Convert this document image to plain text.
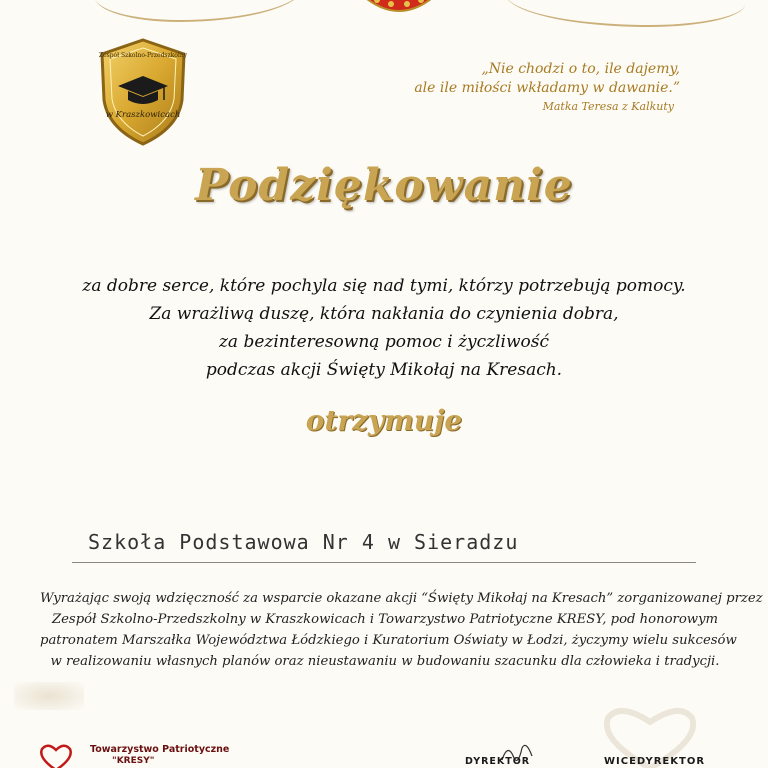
Zespół Szkolno-Przedszkolny
w Kraszkowicach
„Nie chodzi o to, ile dajemy,
ale ile miłości wkładamy w dawanie.”
Matka Teresa z Kalkuty
Podziękowanie
za dobre serce, które pochyla się nad tymi, którzy potrzebują pomocy.
Za wrażliwą duszę, która nakłania do czynienia dobra,
za bezinteresowną pomoc i życzliwość
podczas akcji Święty Mikołaj na Kresach.
otrzymuje
Szkoła Podstawowa Nr 4 w Sieradzu
Wyrażając swoją wdzięczność za wsparcie okazane akcji “Święty Mikołaj na Kresach” zorganizowanej przez
Zespół Szkolno-Przedszkolny w Kraszkowicach i Towarzystwo Patriotyczne KRESY, pod honorowym
patronatem Marszałka Województwa Łódzkiego i Kuratorium Oświaty w Łodzi, życzymy wielu sukcesów
w realizowaniu własnych planów oraz nieustawaniu w budowaniu szacunku dla człowieka i tradycji.
Towarzystwo Patriotyczne
"KRESY"	DYREKTOR	WICEDYREKTOR
